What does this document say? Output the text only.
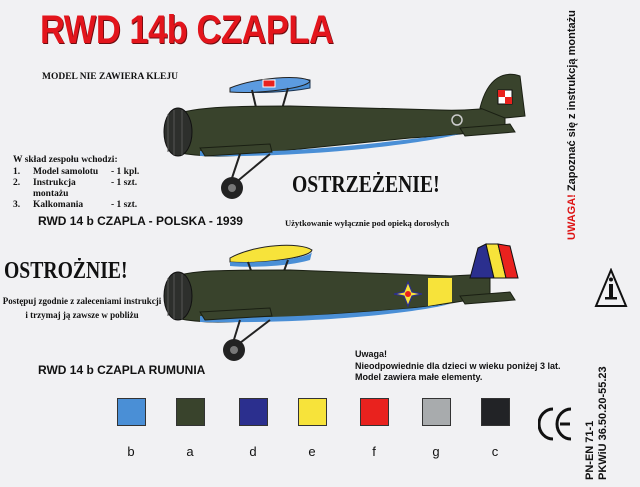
RWD 14b CZAPLA
MODEL NIE ZAWIERA KLEJU
W skład zespołu wchodzi:
1.	Model samolotu	- 1 kpl.
2.	Instrukcja montażu
- 1 szt.
3.	Kalkomania	- 1 szt.
OSTRZEŻENIE!
Użytkowanie wyłącznie pod opieką dorosłych
RWD 14 b CZAPLA - POLSKA - 1939
OSTROŻNIE!
Postępuj zgodnie z zaleceniami instrukcji
i trzymaj ją zawsze w pobliżu
RWD 14 b CZAPLA RUMUNIA
Uwaga!
Nieodpowiednie dla dzieci w wieku poniżej 3 lat.
Model zawiera małe elementy.
UWAGA! Zapoznać się z instrukcją montażu
PN-EN 71-1 PKWiU 36.50.20-55.23
b	a	d	e	f	g	c
